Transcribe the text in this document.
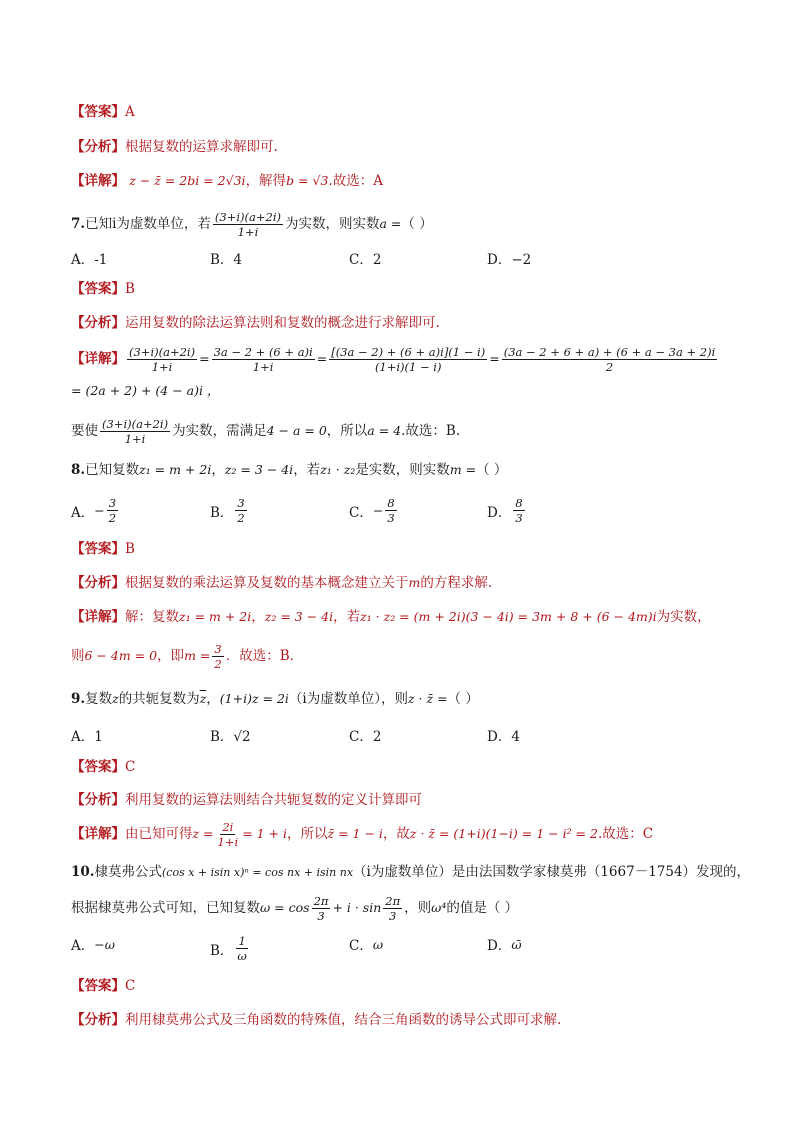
【 答案 】 A
【 分析 】 根据复数的运算求解即可.
【 详解 】 z − z̄ = 2bi = 2√3i，解得b = √3.故选：A
7.已知i为虚数单位，若 $\frac{(3+i)(a+2i)}{1+i}$ 为实数，则实数a =（ ）
A．-1	B．4	C．2	D．−2
【 答案 】 B
【 分析 】 运用复数的除法运算法则和复数的概念进行求解即可.
【 详解 】 $\frac{(3+i)(a+2i)}{1+i} = \frac{3a - 2 + (6 + a)i}{1+i} = \frac{[(3a - 2) + (6 + a)i](1 - i)}{(1+i)(1 - i)} = \frac{(3a - 2 + 6 + a) + (6 + a - 3a + 2)i}{2}$
= (2a + 2) + (4 − a)i ，
要使 $\frac{(3+i)(a+2i)}{1+i}$ 为实数，需满足4 − a = 0，所以a = 4.故选：B.
8.已知复数z₁ = m + 2i，z₂ = 3 − 4i，若z₁ · z₂是实数，则实数m =（ ）
A． − $\frac{3}{2}$	B． $\frac{3}{2}$	C． − $\frac{8}{3}$	D． $\frac{8}{3}$
【 答案 】 B
【 分析 】 根据复数的乘法运算及复数的基本概念建立关于m的方程求解.
【 详解 】 解：复数z₁ = m + 2i，z₂ = 3 − 4i，若z₁ · z₂ = (m + 2i)(3 − 4i) = 3m + 8 + (6 − 4m)i为实数，
则6 − 4m = 0，即$m = \frac{3}{2}$ ．故选：B．
9.复数z的共轭复数为$\overline{z}$，(1+i)z = 2i（i为虚数单位），则z · z̄ =（ ）
A．1	B．√2	C．2	D．4
【 答案 】 C
【 分析 】 利用复数的运算法则结合共轭复数的定义计算即可
【 详解 】 由已知可得$z = \frac{2i}{1+i} = 1 + i$，所以z̄ = 1 − i，故z · z̄ = (1+i)(1−i) = 1 − i² = 2.故选：C
10.棣莫弗公式(cos x + isin x)ⁿ = cos nx + isin nx（i为虚数单位）是由法国数学家棣莫弗（1667－1754）发现的，
根据棣莫弗公式可知，已知复数$\omega = \cos \frac{2\pi}{3} + i \cdot \sin \frac{2\pi}{3}$ ，则ω⁴的值是（ ）
A． −ω	B． $\frac{1}{\omega}$	C． ω	D． ω̄
【 答案 】 C
【 分析 】 利用棣莫弗公式及三角函数的特殊值，结合三角函数的诱导公式即可求解.
